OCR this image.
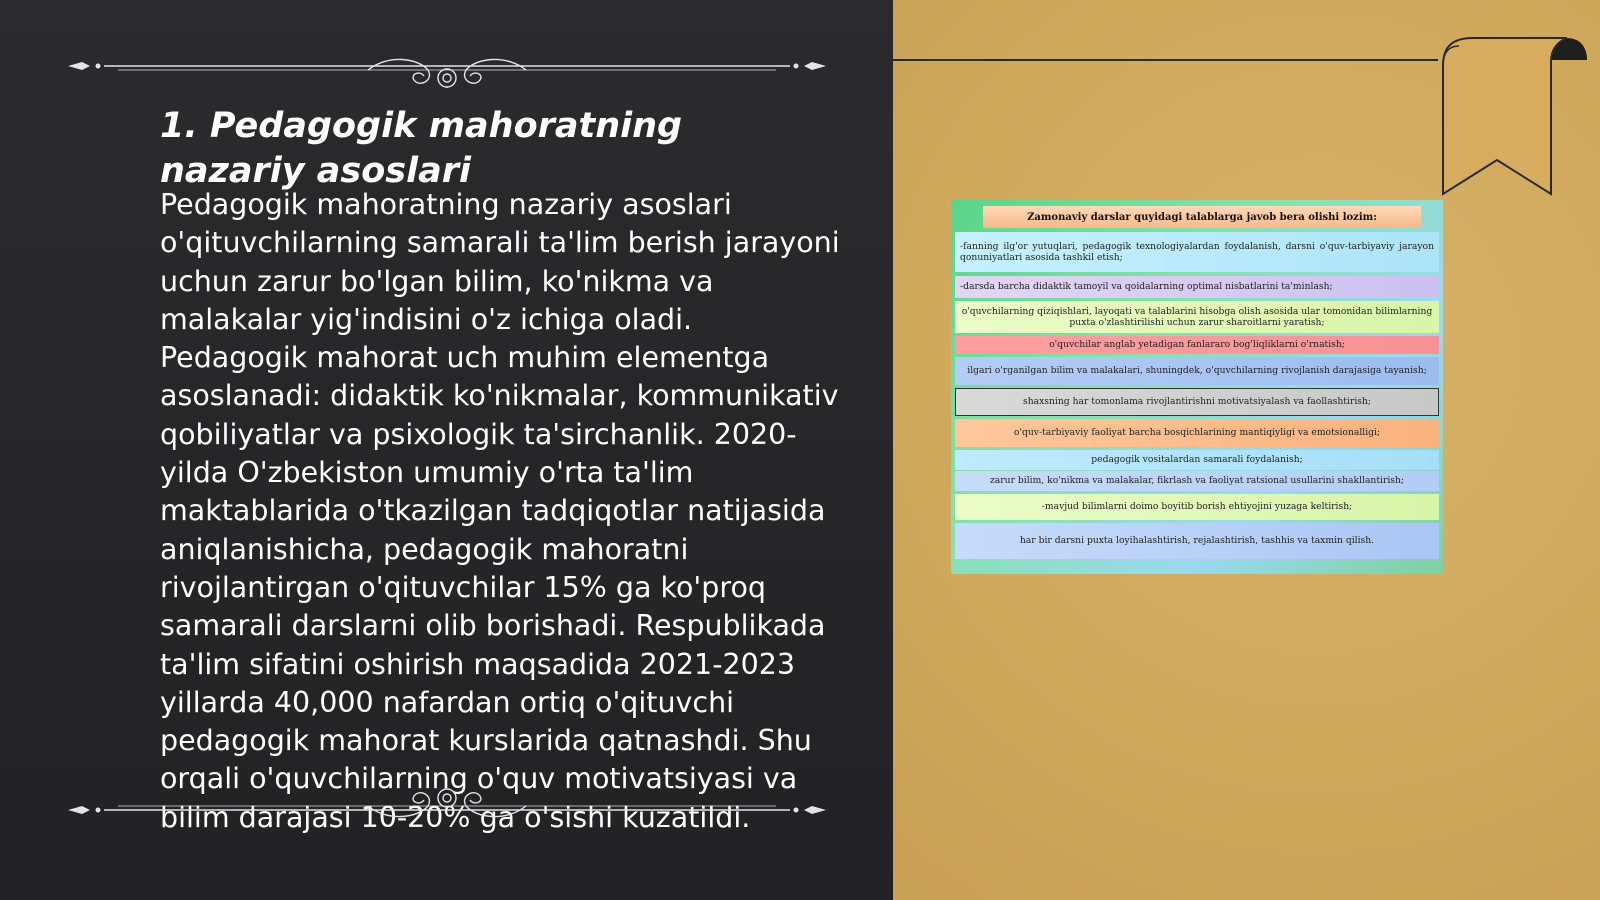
1. Pedagogik mahoratning nazariy asoslari

Pedagogik mahoratning nazariy asoslari o'qituvchilarning samarali ta'lim berish jarayoni uchun zarur bo'lgan bilim, ko'nikma va malakalar yig'indisini o'z ichiga oladi. Pedagogik mahorat uch muhim elementga asoslanadi: didaktik ko'nikmalar, kommunikativ qobiliyatlar va psixologik ta'sirchanlik. 2020-yilda O'zbekiston umumiy o'rta ta'lim maktablarida o'tkazilgan tadqiqotlar natijasida aniqlanishicha, pedagogik mahoratni rivojlantirgan o'qituvchilar 15% ga ko'proq samarali darslarni olib borishadi. Respublikada ta'lim sifatini oshirish maqsadida 2021-2023 yillarda 40,000 nafardan ortiq o'qituvchi pedagogik mahorat kurslarida qatnashdi. Shu orqali o'quvchilarning o'quv motivatsiyasi va bilim darajasi 10-20% ga o'sishi kuzatildi.

Zamonaviy darslar quyidagi talablarga javob bera olishi lozim:
-fanning ilg'or yutuqlari, pedagogik texnologiyalardan foydalanish, darsni o'quv-tarbiyaviy jarayon qonuniyatlari asosida tashkil etish;
-darsda barcha didaktik tamoyil va qoidalarning optimal nisbatlarini ta'minlash;
o'quvchilarning qiziqishlari, layoqati va talablarini hisobga olish asosida ular tomonidan bilimlarning puxta o'zlashtirilishi uchun zarur sharoitlarni yaratish;
o'quvchilar anglab yetadigan fanlararo bog'liqliklarni o'rnatish;
ilgari o'rganilgan bilim va malakalari, shuningdek, o'quvchilarning rivojlanish darajasiga tayanish;
shaxsning har tomonlama rivojlantirishni motivatsiyalash va faollashtirish;
o'quv-tarbiyaviy faoliyat barcha bosqichlarining mantiqiyligi va emotsionalligi;
pedagogik vositalardan samarali foydalanish;
zarur bilim, ko'nikma va malakalar, fikrlash va faoliyat ratsional usullarini shakllantirish;
-mavjud bilimlarni doimo boyitib borish ehtiyojini yuzaga keltirish;
har bir darsni puxta loyihalashtirish, rejalashtirish, tashhis va taxmin qilish.
